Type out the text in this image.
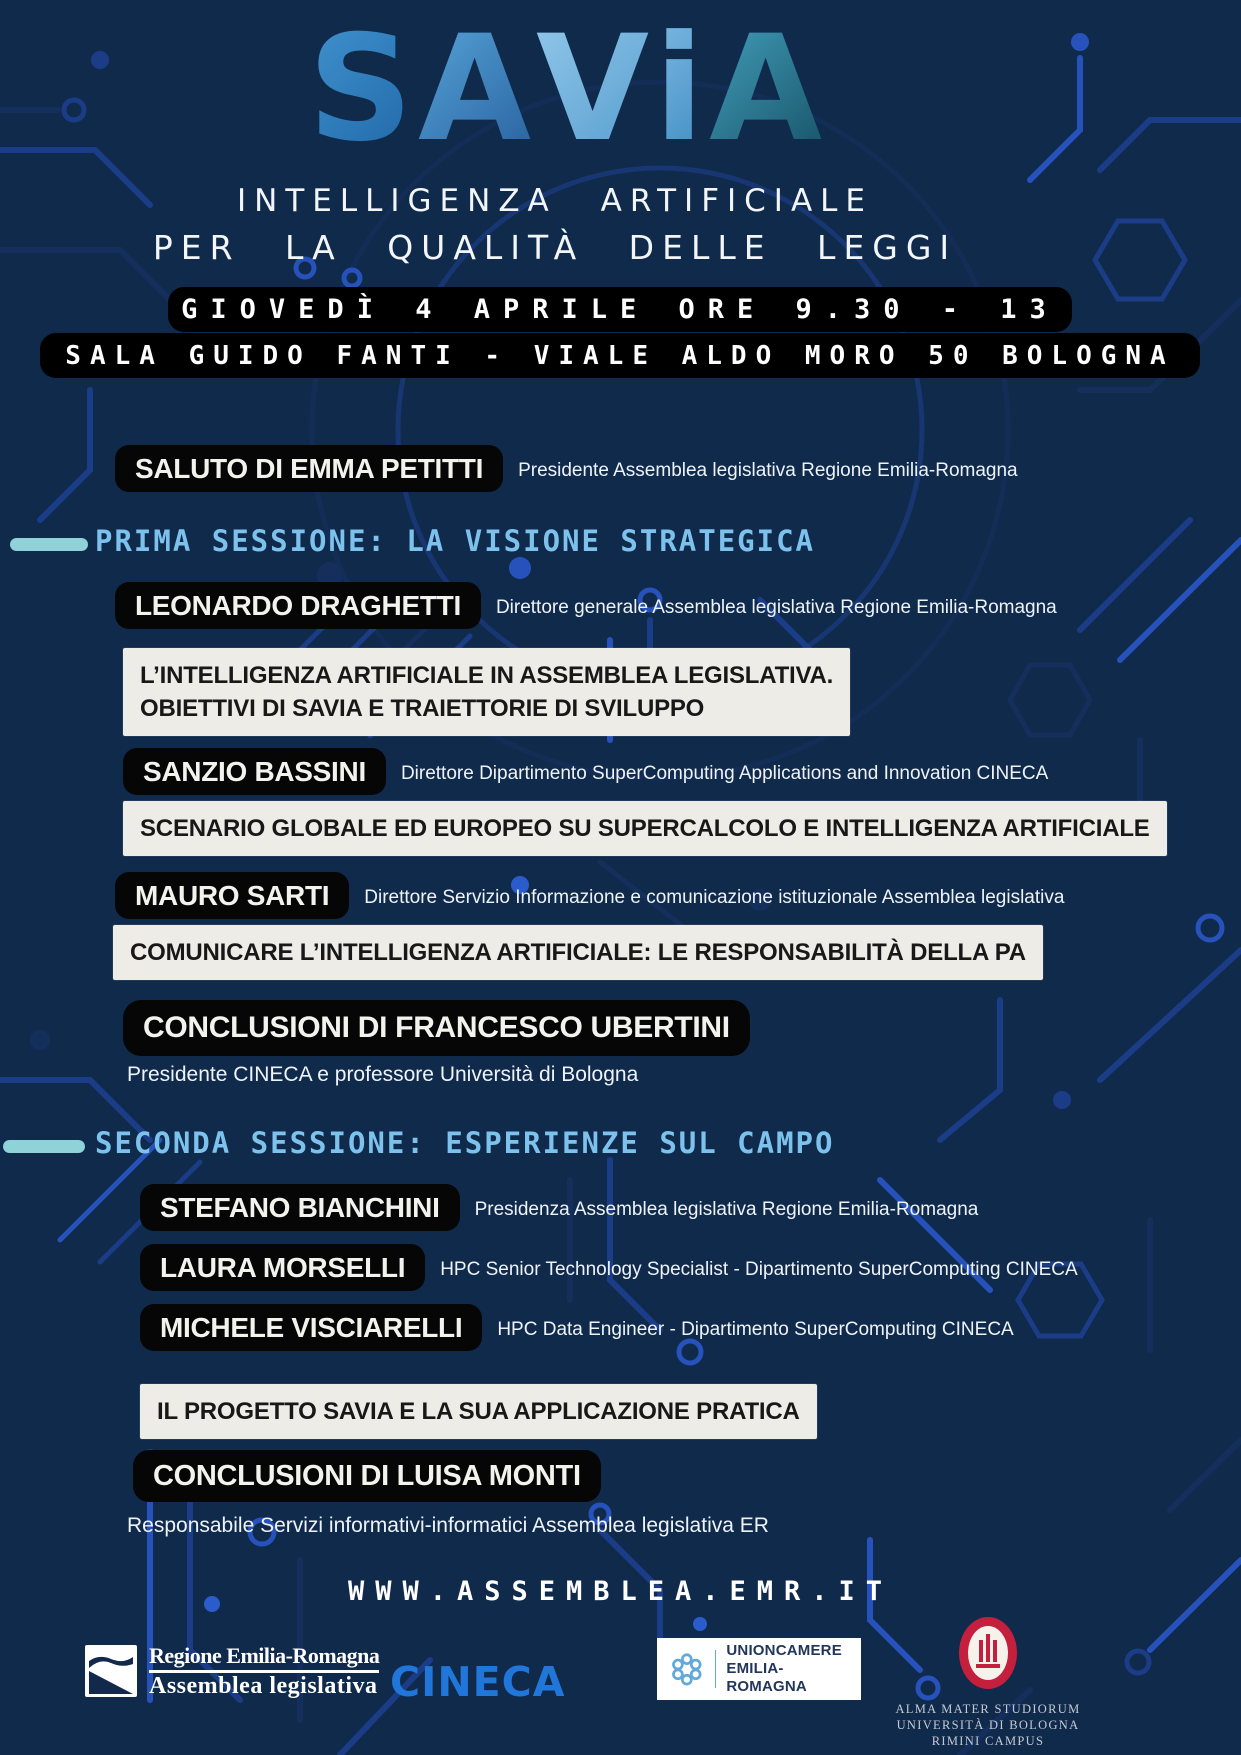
SAViA
INTELLIGENZA ARTIFICIALE
PER LA QUALITÀ DELLE LEGGI
GIOVEDÌ 4 APRILE ORE 9.30 - 13
SALA GUIDO FANTI - VIALE ALDO MORO 50 BOLOGNA
SALUTO DI EMMA PETITTI	Presidente Assemblea legislativa Regione Emilia-Romagna
PRIMA SESSIONE: LA VISIONE STRATEGICA
LEONARDO DRAGHETTI	Direttore generale Assemblea legislativa Regione Emilia-Romagna
L’INTELLIGENZA ARTIFICIALE IN ASSEMBLEA LEGISLATIVA.
OBIETTIVI DI SAVIA E TRAIETTORIE DI SVILUPPO
SANZIO BASSINI	Direttore Dipartimento SuperComputing Applications and Innovation CINECA
SCENARIO GLOBALE ED EUROPEO SU SUPERCALCOLO E INTELLIGENZA ARTIFICIALE
MAURO SARTI	Direttore Servizio Informazione e comunicazione istituzionale Assemblea legislativa
COMUNICARE L’INTELLIGENZA ARTIFICIALE: LE RESPONSABILITÀ DELLA PA
CONCLUSIONI DI FRANCESCO UBERTINI
Presidente CINECA e professore Università di Bologna
SECONDA SESSIONE: ESPERIENZE SUL CAMPO
STEFANO BIANCHINI	Presidenza Assemblea legislativa Regione Emilia-Romagna
LAURA MORSELLI	HPC Senior Technology Specialist - Dipartimento SuperComputing CINECA
MICHELE VISCIARELLI	HPC Data Engineer - Dipartimento SuperComputing CINECA
IL PROGETTO SAVIA E LA SUA APPLICAZIONE PRATICA
CONCLUSIONI DI LUISA MONTI
Responsabile Servizi informativi-informatici Assemblea legislativa ER
WWW.ASSEMBLEA.EMR.IT
Regione Emilia-Romagna
Assemblea legislativa CINECA
UNIONCAMERE
EMILIA-ROMAGNA
ALMA MATER STUDIORUM
UNIVERSITÀ DI BOLOGNA
RIMINI CAMPUS
